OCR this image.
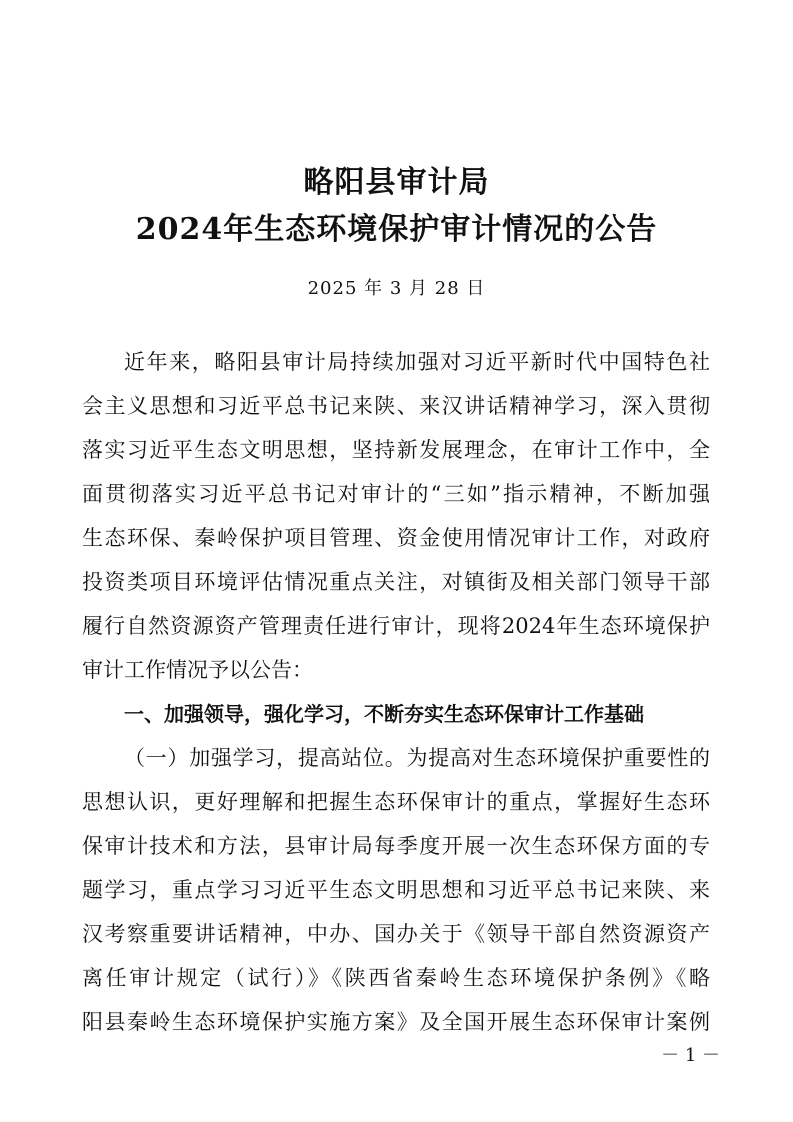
略阳县审计局
2024年生态环境保护审计情况的公告
2025 年 3 月 28 日
近年来，略阳县审计局持续加强对习近平新时代中国特色社
会主义思想和习近平总书记来陕、来汉讲话精神学习，深入贯彻
落实习近平生态文明思想，坚持新发展理念，在审计工作中，全
面贯彻落实习近平总书记对审计的“三如”指示精神，不断加强
生态环保、秦岭保护项目管理、资金使用情况审计工作，对政府
投资类项目环境评估情况重点关注，对镇街及相关部门领导干部
履行自然资源资产管理责任进行审计，现将2024年生态环境保护
审计工作情况予以公告：
一、加强领导，强化学习，不断夯实生态环保审计工作基础
（一）加强学习，提高站位。为提高对生态环境保护重要性的
思想认识，更好理解和把握生态环保审计的重点，掌握好生态环
保审计技术和方法，县审计局每季度开展一次生态环保方面的专
题学习，重点学习习近平生态文明思想和习近平总书记来陕、来
汉考察重要讲话精神，中办、国办关于《领导干部自然资源资产
离任审计规定（试行）》《陕西省秦岭生态环境保护条例》《略
阳县秦岭生态环境保护实施方案》及全国开展生态环保审计案例
－ 1 －
